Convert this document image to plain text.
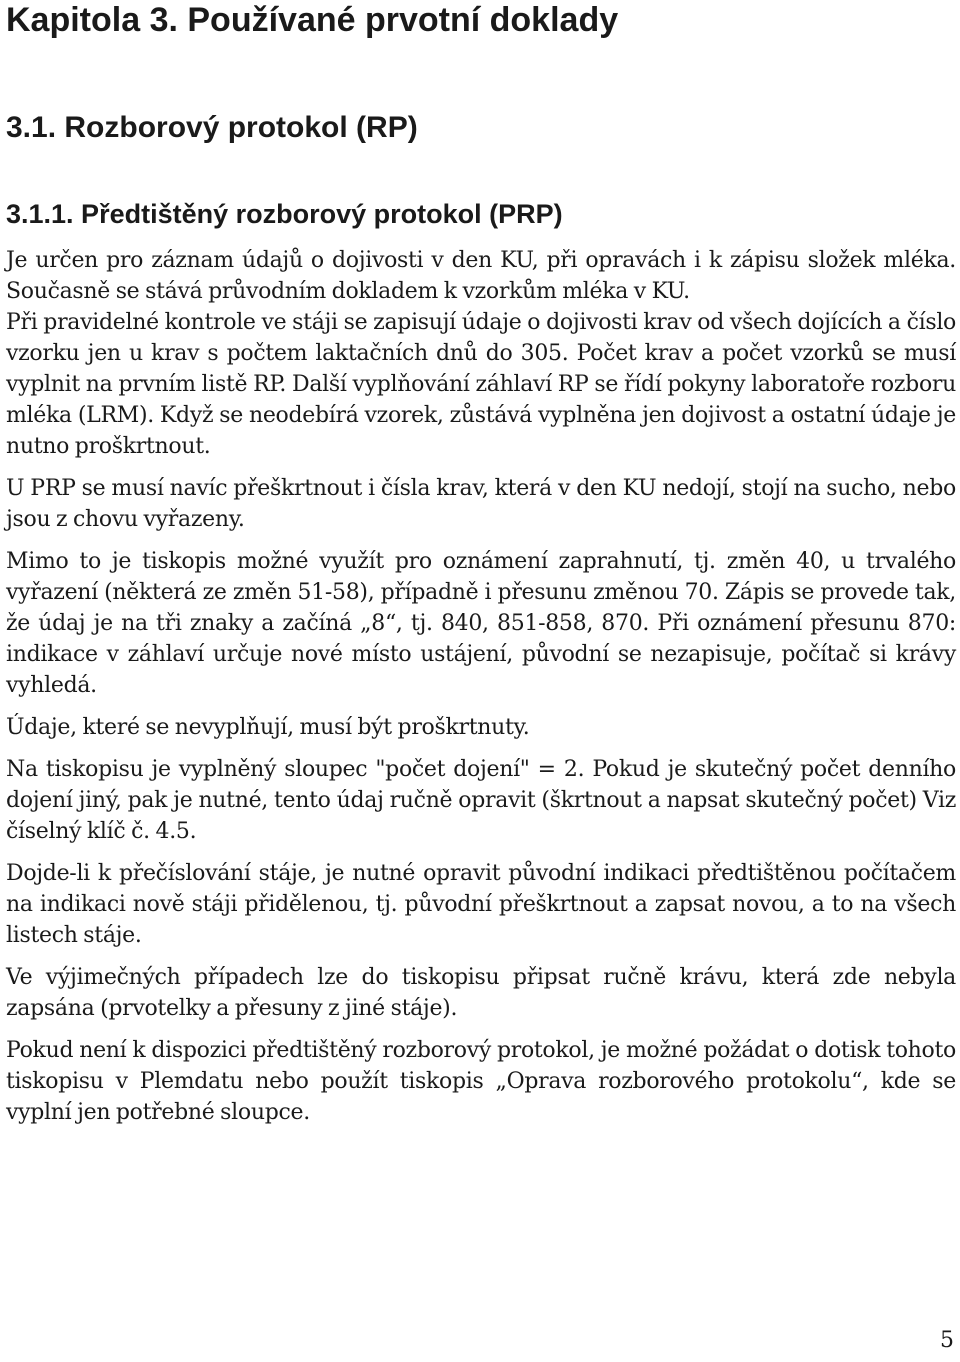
Kapitola 3. Používané prvotní doklady
3.1. Rozborový protokol (RP)
3.1.1. Předtištěný rozborový protokol (PRP)

Je určen pro záznam údajů o dojivosti v den KU, při opravách i k zápisu složek mléka. Současně se stává průvodním dokladem k vzorkům mléka v KU.

Při pravidelné kontrole ve stáji se zapisují údaje o dojivosti krav od všech dojících a číslo vzorku jen u krav s počtem laktačních dnů do 305. Počet krav a počet vzorků se musí vyplnit na prvním listě RP. Další vyplňování záhlaví RP se řídí pokyny laboratoře rozboru mléka (LRM). Když se neodebírá vzorek, zůstává vyplněna jen dojivost a ostatní údaje je nutno proškrtnout.

U PRP se musí navíc přeškrtnout i čísla krav, která v den KU nedojí, stojí na sucho, nebo jsou z chovu vyřazeny.

Mimo to je tiskopis možné využít pro oznámení zaprahnutí, tj. změn 40, u trvalého vyřazení (některá ze změn 51-58), případně i přesunu změnou 70. Zápis se provede tak, že údaj je na tři znaky a začíná „8“, tj. 840, 851-858, 870. Při oznámení přesunu 870: indikace v záhlaví určuje nové místo ustájení, původní se nezapisuje, počítač si krávy vyhledá.

Údaje, které se nevyplňují, musí být proškrtnuty.

Na tiskopisu je vyplněný sloupec "počet dojení" = 2. Pokud je skutečný počet denního dojení jiný, pak je nutné, tento údaj ručně opravit (škrtnout a napsat skutečný počet) Viz číselný klíč č. 4.5.

Dojde-li k přečíslování stáje, je nutné opravit původní indikaci předtištěnou počítačem na indikaci nově stáji přidělenou, tj. původní přeškrtnout a zapsat novou, a to na všech listech stáje.

Ve výjimečných případech lze do tiskopisu připsat ručně krávu, která zde nebyla zapsána (prvotelky a přesuny z jiné stáje).

Pokud není k dispozici předtištěný rozborový protokol, je možné požádat o dotisk tohoto tiskopisu v Plemdatu nebo použít tiskopis „Oprava rozborového protokolu“, kde se vyplní jen potřebné sloupce.

5
